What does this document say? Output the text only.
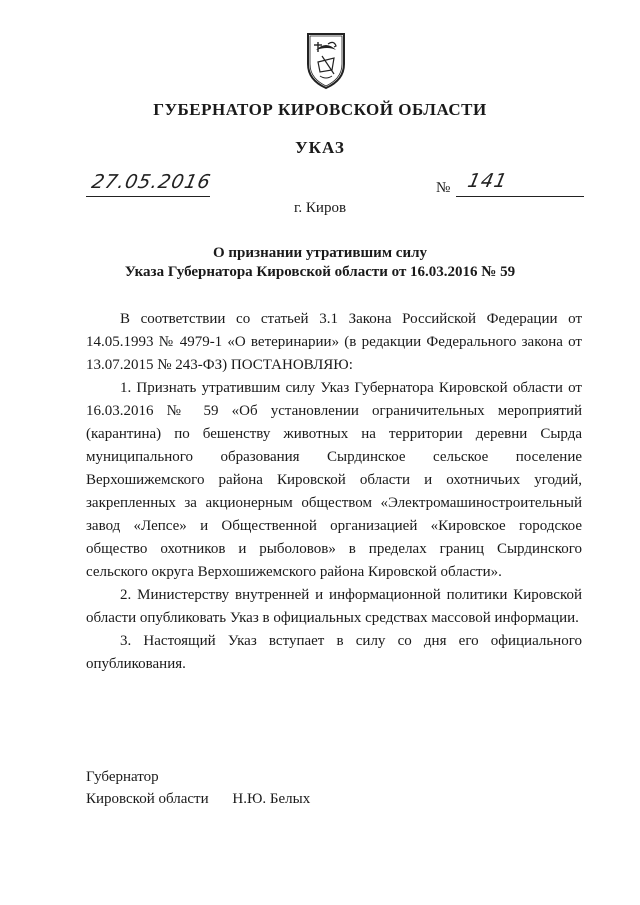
ГУБЕРНАТОР КИРОВСКОЙ ОБЛАСТИ
УКАЗ
27.05.2016	№ 141
г. Киров
О признании утратившим силу
Указа Губернатора Кировской области от 16.03.2016 № 59

В соответствии со статьей 3.1 Закона Российской Федерации от 14.05.1993 № 4979-1 «О ветеринарии» (в редакции Федерального закона от 13.07.2015 № 243-ФЗ) ПОСТАНОВЛЯЮ:

1. Признать утратившим силу Указ Губернатора Кировской области от 16.03.2016 № 59 «Об установлении ограничительных мероприятий (карантина) по бешенству животных на территории деревни Сырда муниципального образования Сырдинское сельское поселение Верхошижемского района Кировской области и охотничьих угодий, закрепленных за акционерным обществом «Электромашиностроительный завод «Лепсе» и Общественной организацией «Кировское городское общество охотников и рыболовов» в пределах границ Сырдинского сельского округа Верхошижемского района Кировской области».

2. Министерству внутренней и информационной политики Кировской области опубликовать Указ в официальных средствах массовой информации.

3. Настоящий Указ вступает в силу со дня его официального опубликования.

Губернатор
Кировской области Н.Ю. Белых
